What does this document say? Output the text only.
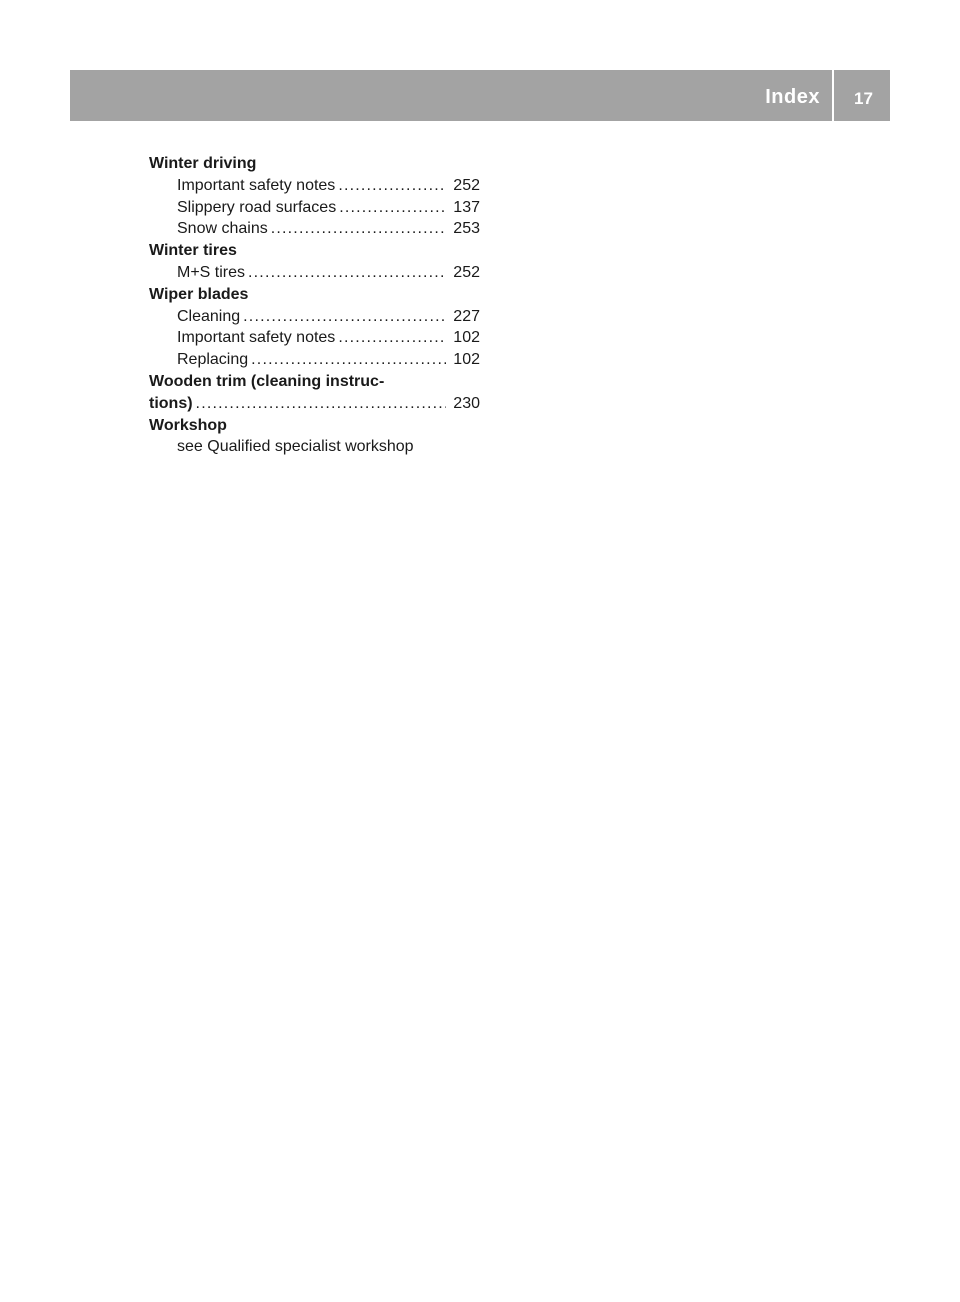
Index 17
Winter driving
Important safety notes .....	252
Slippery road surfaces .....	137
Snow chains .....	253
Winter tires
M+S tires .....	252
Wiper blades
Cleaning .....	227
Important safety notes .....	102
Replacing .....	102
Wooden trim (cleaning instruc-
tions) .....	230
Workshop
see Qualified specialist workshop
